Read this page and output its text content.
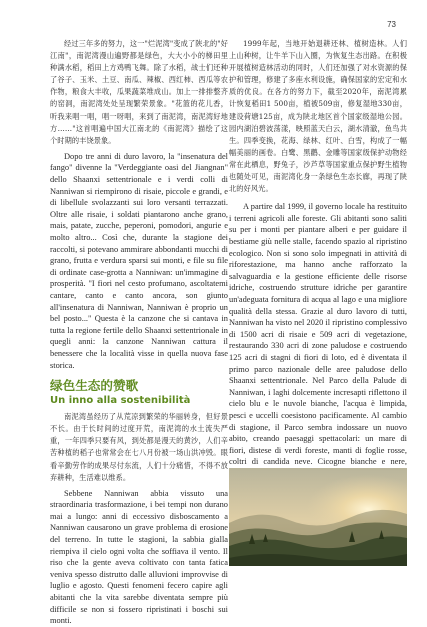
73

经过三年多的努力，这一"烂泥湾"变成了陕北的"好江南"，南泥湾漫山遍野都是绿色，大大小小的梯田里种满水稻，稻田上方鸡鸭飞舞。除了水稻，战士们还种了谷子、玉米、土豆、南瓜、辣椒、西红柿、西瓜等农作物，粮食大丰收，瓜果蔬菜堆成山。加上一排排整齐的窑洞，南泥湾处处呈现繁荣景象。"花篮的花儿香，听我来唱一唱，唱一呀唱，来到了南泥湾，南泥湾好地方……"这首唱遍中国大江南北的《南泥湾》描绘了这个时期的丰饶景象。

Dopo tre anni di duro lavoro, la "insenatura del fango" divenne la "Verdeggiante oasi del Jiangnan" dello Shaanxi settentrionale e i verdi colli di Nanniwan si riempirono di risaie, piccole e grandi, e di libellule svolazzanti sui loro versanti terrazzati. Oltre alle risaie, i soldati piantarono anche grano, mais, patate, zucche, peperoni, pomodori, angurie e molto altro... Così che, durante la stagione dei raccolti, si potevano ammirare abbondanti mucchi di grano, frutta e verdura sparsi sui monti, e file su file di ordinate case-grotta a Nanniwan: un'immagine di prosperità. "I fiori nel cesto profumano, ascoltatemi cantare, canto e canto ancora, son giunto all'insenatura di Nanniwan, Nanniwan è proprio un bel posto..." Questa è la canzone che si cantava in tutta la regione fertile dello Shaanxi settentrionale in quegli anni: la canzone Nanniwan cattura il benessere che la località visse in quella nuova fase storica.

绿色生态的赞歌
Un inno alla sostenibilità

南泥湾虽经历了从荒凉到繁荣的华丽转身，但好景不长。由于长时间的过度开荒，南泥湾的水土流失严重，一年四季只要有风，到处都是漫天的黄沙，人们辛苦种植的稻子也常常会在七八月份被一场山洪冲毁。眼看辛勤劳作的成果尽付东流，人们十分痛惜，不得不放弃耕种，生活难以维系。

Sebbene Nanniwan abbia vissuto una straordinaria trasformazione, i bei tempi non durano mai a lungo: anni di eccessivo disboscamento a Nanniwan causarono un grave problema di erosione del terreno. In tutte le stagioni, la sabbia gialla riempiva il cielo ogni volta che soffiava il vento. Il riso che la gente aveva coltivato con tanta fatica veniva spesso distrutto dalle alluvioni improvvise di luglio e agosto. Questi fenomeni fecero capire agli abitanti che la vita sarebbe diventata sempre più difficile se non si fossero ripristinati i boschi sui monti.

1999年起，当地开始退耕还林、植树造林。人们上山种树，让牛羊下山入圈，为恢复生态出路。在积极开展植树造林活动的同时，人们还加强了对水资源的保护和管理，修建了多座水利设施，确保国家的宏定和水质的优良。在各方的努力下，截至2020年，南泥湾累计恢复稻田1 500亩，植被509亩，修复湿地330亩，建设荷塘125亩，成为陕北地区首个国家级湿地公园。园内湖泊碧波荡漾，映照蓝天白云，湖水清澈，鱼鸟共生。四季变换，花海、绿林、红叶、白雪，构成了一幅幅美丽的画卷。白鹭、黑鹳、金雕等国家级保护动物经常在此栖息，野兔子，沙芦草等国家重点保护野生植物也随处可见，南泥湾化身一条绿色生态长廊，再现了陕北的好风光。

A partire dal 1999, il governo locale ha restituito i terreni agricoli alle foreste. Gli abitanti sono saliti su per i monti per piantare alberi e per guidare il bestiame giù nelle stalle, facendo spazio al ripristino ecologico. Non si sono solo impegnati in attività di riforestazione, ma hanno anche rafforzato la salvaguardia e la gestione efficiente delle risorse idriche, costruendo strutture idriche per garantire un'adeguata fornitura di acqua al lago e una migliore qualità della stessa. Grazie al duro lavoro di tutti, Nanniwan ha visto nel 2020 il ripristino complessivo di 1500 acri di risaie e 509 acri di vegetazione, restaurando 330 acri di zone paludose e costruendo 125 acri di stagni di fiori di loto, ed è diventata il primo parco nazionale delle aree paludose dello Shaanxi settentrionale. Nel Parco della Palude di Nanniwan, i laghi dolcemente incresapti riflettono il cielo blu e le nuvole bianche, l'acqua è limpida, pesci e uccelli coesistono pacificamente. Al cambio di stagione, il Parco sembra indossare un nuovo abito, creando paesaggi spettacolari: un mare di fiori, distese di verdi foreste, manti di foglie rosse, coltri di candida neve. Cicogne bianche e nere,
